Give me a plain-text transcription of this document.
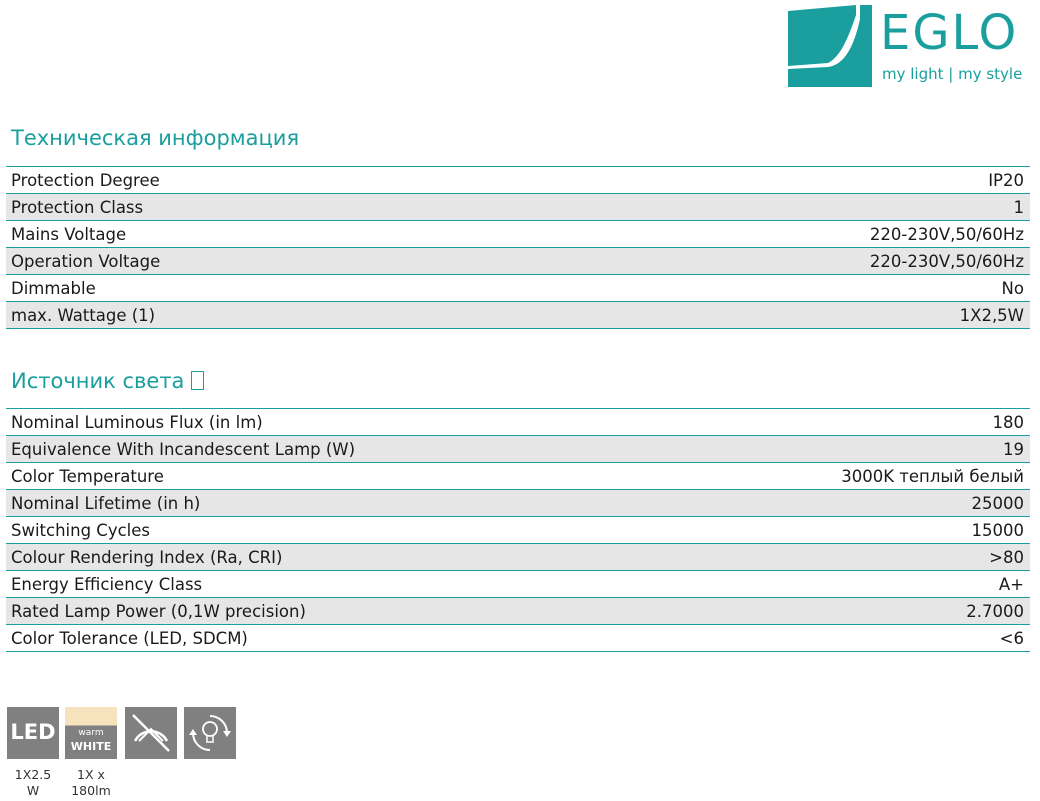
EGLO
my light | my style
Техническая информация
Protection Degree	IP20
Protection Class	1
Mains Voltage	220-230V,50/60Hz
Operation Voltage	220-230V,50/60Hz
Dimmable	No
max. Wattage (1)	1X2,5W
Источник света
Nominal Luminous Flux (in lm)	180
Equivalence With Incandescent Lamp (W)	19
Color Temperature	3000K теплый белый
Nominal Lifetime (in h)	25000
Switching Cycles	15000
Colour Rendering Index (Ra, CRI)	>80
Energy Efficiency Class	A+
Rated Lamp Power (0,1W precision)	2.7000
Color Tolerance (LED, SDCM)	<6
LED
1X2.5
W
warm
WHITE
1X x
180lm
